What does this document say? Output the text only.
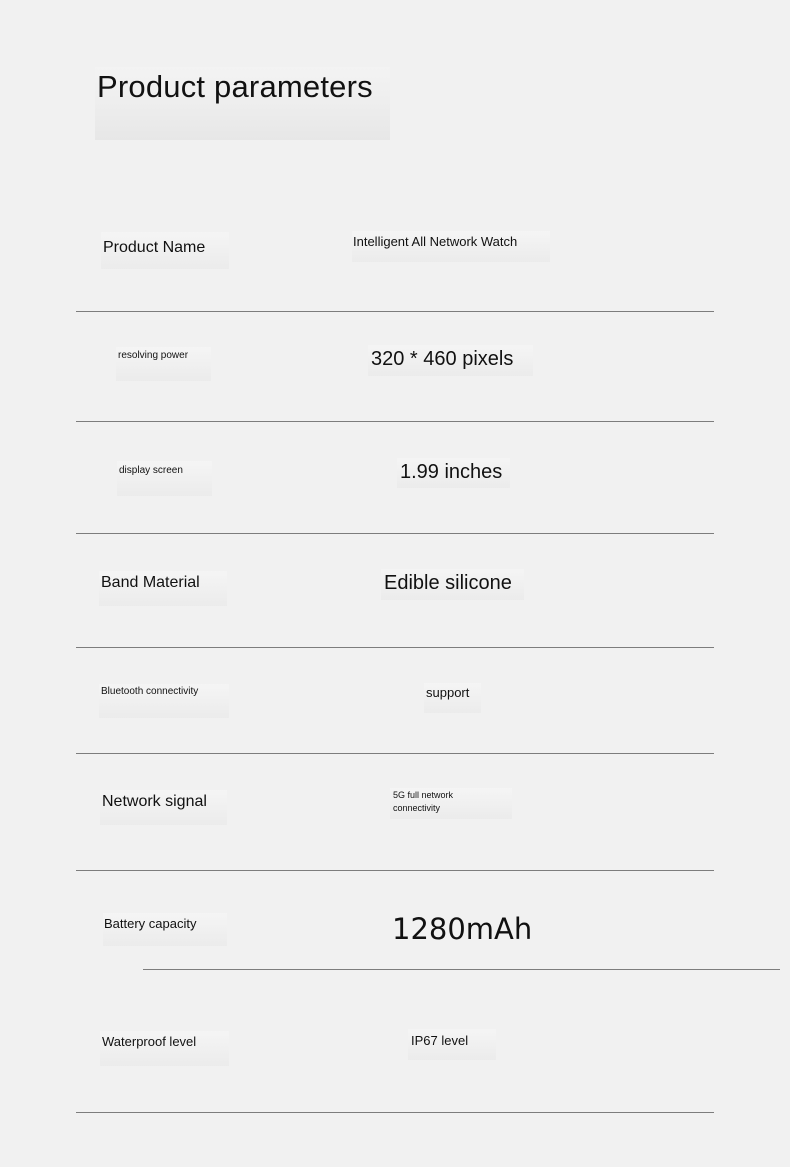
Product parameters
Product Name	Intelligent All Network Watch
resolving power	320 * 460 pixels
display screen	1.99 inches
Band Material	Edible silicone
Bluetooth connectivity	support
Network signal	5G full network
connectivity
Battery capacity	1280mAh
Waterproof level	IP67 level
